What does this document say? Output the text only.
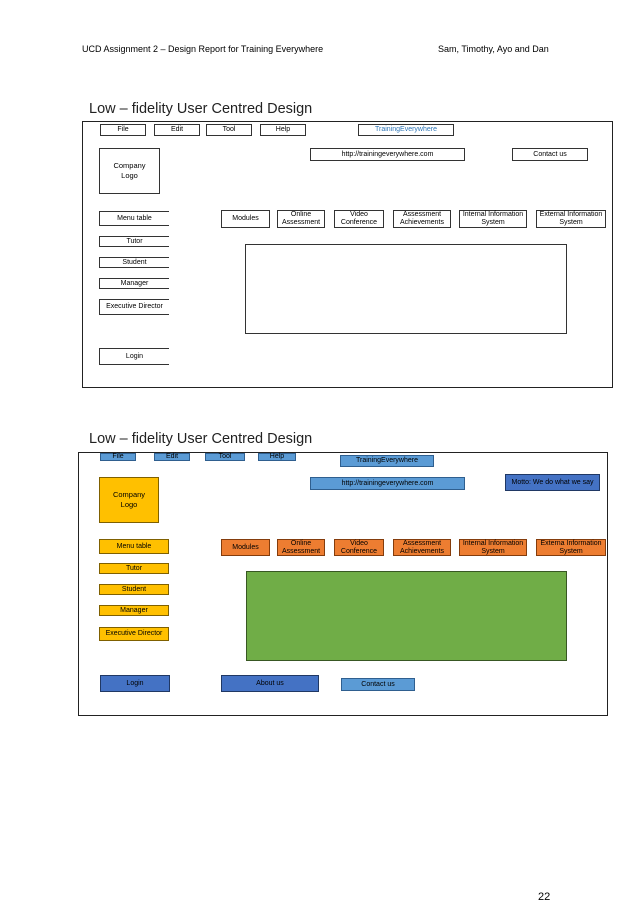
UCD Assignment 2 – Design Report for Training Everywhere	Sam, Timothy, Ayo and Dan
Low – fidelity User Centred Design
File	Edit	Tool	Help	TrainingEverywhere
http://trainingeverywhere.com	Contact us
Company Logo
Menu table
Tutor
Student
Manager
Executive Director
Login
Modules
Online Assessment
Video Conference
Assessment Achievements
Internal Information System
External Information System
Low – fidelity User Centred Design
File	Edit	Tool	Help
TrainingEverywhere
http://trainingeverywhere.com	Motto: We do what we say
Company Logo
Menu table
Tutor
Student
Manager
Executive Director
Login
Modules
Online Assessment
Video Conference
Assessment Achievements
Internal Information System
Externa Information System
About us	Contact us
22
